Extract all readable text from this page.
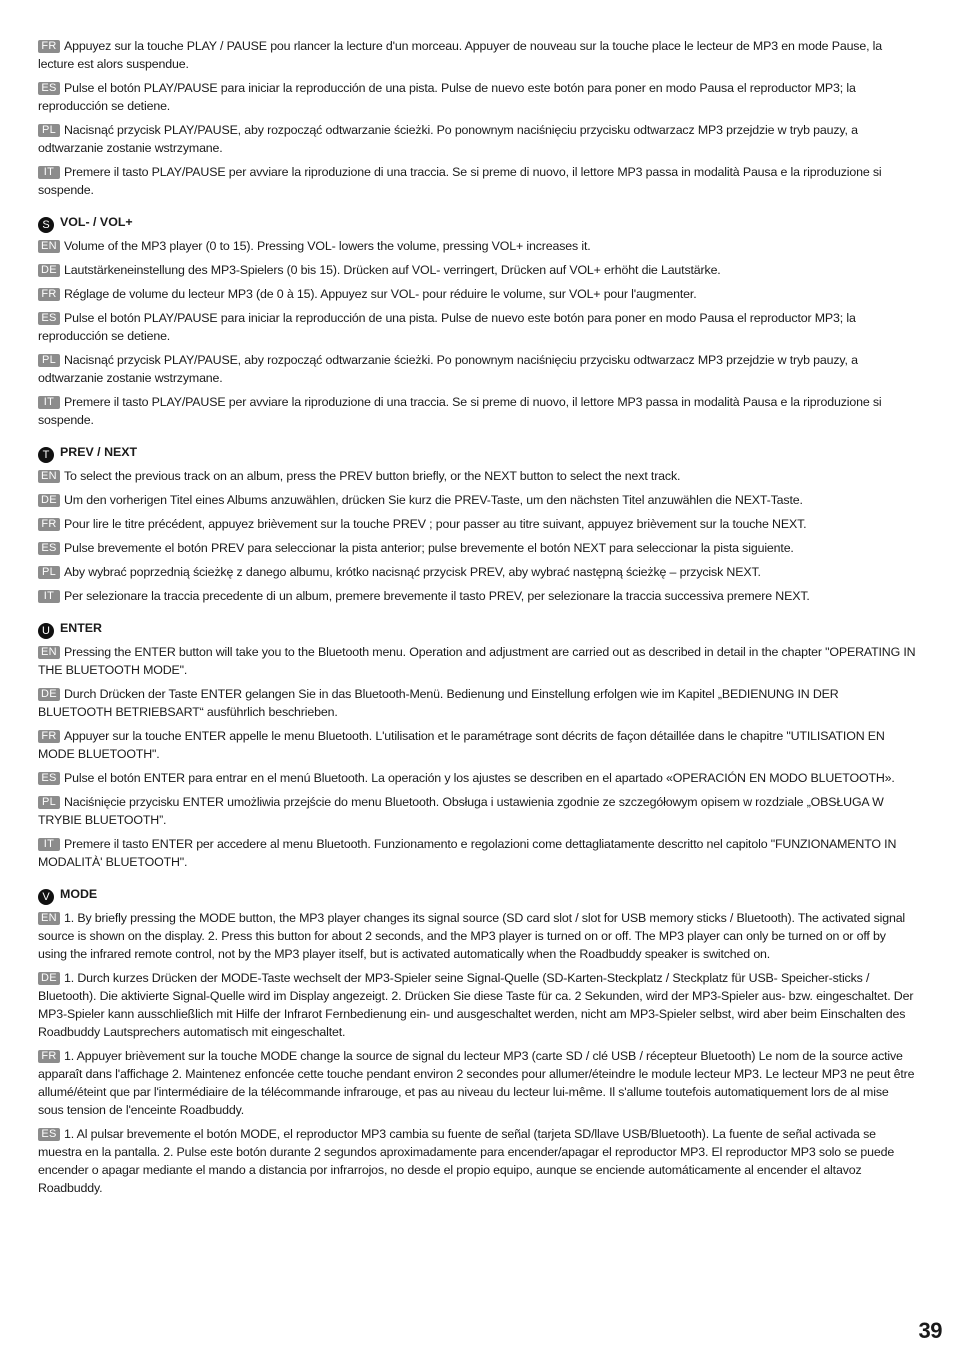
FR Appuyez sur la touche PLAY / PAUSE pou rlancer la lecture d'un morceau. Appuyer de nouveau sur la touche place le lecteur de MP3 en mode Pause, la lecture est alors suspendue.

ES Pulse el botón PLAY/PAUSE para iniciar la reproducción de una pista. Pulse de nuevo este botón para poner en modo Pausa el reproductor MP3; la reproducción se detiene.

PL Nacisnąć przycisk PLAY/PAUSE, aby rozpocząć odtwarzanie ścieżki. Po ponownym naciśnięciu przycisku odtwarzacz MP3 przejdzie w tryb pauzy, a odtwarzanie zostanie wstrzymane.

IT Premere il tasto PLAY/PAUSE per avviare la riproduzione di una traccia. Se si preme di nuovo, il lettore MP3 passa in modalità Pausa e la riproduzione si sospende.

S VOL- / VOL+

EN Volume of the MP3 player (0 to 15). Pressing VOL- lowers the volume, pressing VOL+ increases it.

DE Lautstärkeneinstellung des MP3-Spielers (0 bis 15). Drücken auf VOL- verringert, Drücken auf VOL+ erhöht die Lautstärke.

FR Réglage de volume du lecteur MP3 (de 0 à 15). Appuyez sur VOL- pour réduire le volume, sur VOL+ pour l'augmenter.

ES Pulse el botón PLAY/PAUSE para iniciar la reproducción de una pista. Pulse de nuevo este botón para poner en modo Pausa el reproductor MP3; la reproducción se detiene.

PL Nacisnąć przycisk PLAY/PAUSE, aby rozpocząć odtwarzanie ścieżki. Po ponownym naciśnięciu przycisku odtwarzacz MP3 przejdzie w tryb pauzy, a odtwarzanie zostanie wstrzymane.

IT Premere il tasto PLAY/PAUSE per avviare la riproduzione di una traccia. Se si preme di nuovo, il lettore MP3 passa in modalità Pausa e la riproduzione si sospende.

T PREV / NEXT

EN To select the previous track on an album, press the PREV button briefly, or the NEXT button to select the next track.

DE Um den vorherigen Titel eines Albums anzuwählen, drücken Sie kurz die PREV-Taste, um den nächsten Titel anzuwählen die NEXT-Taste.

FR Pour lire le titre précédent, appuyez brièvement sur la touche PREV ; pour passer au titre suivant, appuyez brièvement sur la touche NEXT.

ES Pulse brevemente el botón PREV para seleccionar la pista anterior; pulse brevemente el botón NEXT para seleccionar la pista siguiente.

PL Aby wybrać poprzednią ścieżkę z danego albumu, krótko nacisnąć przycisk PREV, aby wybrać następną ścieżkę – przycisk NEXT.

IT Per selezionare la traccia precedente di un album, premere brevemente il tasto PREV, per selezionare la traccia successiva premere NEXT.

U ENTER

EN Pressing the ENTER button will take you to the Bluetooth menu. Operation and adjustment are carried out as described in detail in the chapter "OPERATING IN THE BLUETOOTH MODE".

DE Durch Drücken der Taste ENTER gelangen Sie in das Bluetooth-Menü. Bedienung und Einstellung erfolgen wie im Kapitel „BEDIENUNG IN DER BLUETOOTH BETRIEBSART“ ausführlich beschrieben.

FR Appuyer sur la touche ENTER appelle le menu Bluetooth. L'utilisation et le paramétrage sont décrits de façon détaillée dans le chapitre "UTILISATION EN MODE BLUETOOTH".

ES Pulse el botón ENTER para entrar en el menú Bluetooth. La operación y los ajustes se describen en el apartado «OPERACIÓN EN MODO BLUETOOTH».

PL Naciśnięcie przycisku ENTER umożliwia przejście do menu Bluetooth. Obsługa i ustawienia zgodnie ze szczegółowym opisem w rozdziale „OBSŁUGA W TRYBIE BLUETOOTH”.

IT Premere il tasto ENTER per accedere al menu Bluetooth. Funzionamento e regolazioni come dettagliatamente descritto nel capitolo "FUNZIONAMENTO IN MODALITÀ' BLUETOOTH".

V MODE

EN 1. By briefly pressing the MODE button, the MP3 player changes its signal source (SD card slot / slot for USB memory sticks / Bluetooth). The activated signal source is shown on the display. 2. Press this button for about 2 seconds, and the MP3 player is turned on or off. The MP3 player can only be turned on or off by using the infrared remote control, not by the MP3 player itself, but is activated automatically when the Roadbuddy speaker is switched on.

DE 1. Durch kurzes Drücken der MODE-Taste wechselt der MP3-Spieler seine Signal-Quelle (SD-Karten-Steckplatz / Steckplatz für USB- Speicher-sticks / Bluetooth). Die aktivierte Signal-Quelle wird im Display angezeigt. 2. Drücken Sie diese Taste für ca. 2 Sekunden, wird der MP3-Spieler aus- bzw. eingeschaltet. Der MP3-Spieler kann ausschließlich mit Hilfe der Infrarot Fernbedienung ein- und ausgeschaltet werden, nicht am MP3-Spieler selbst, wird aber beim Einschalten des Roadbuddy Lautsprechers automatisch mit eingeschaltet.

FR 1. Appuyer brièvement sur la touche MODE change la source de signal du lecteur MP3 (carte SD / clé USB / récepteur Bluetooth) Le nom de la source active apparaît dans l'affichage 2. Maintenez enfoncée cette touche pendant environ 2 secondes pour allumer/éteindre le module lecteur MP3. Le lecteur MP3 ne peut être allumé/éteint que par l'intermédiaire de la télécommande infrarouge, et pas au niveau du lecteur lui-même. Il s'allume toutefois automatiquement lors de al mise sous tension de l'enceinte Roadbuddy.

ES 1. Al pulsar brevemente el botón MODE, el reproductor MP3 cambia su fuente de señal (tarjeta SD/llave USB/Bluetooth). La fuente de señal activada se muestra en la pantalla. 2. Pulse este botón durante 2 segundos aproximadamente para encender/apagar el reproductor MP3. El reproductor MP3 solo se puede encender o apagar mediante el mando a distancia por infrarrojos, no desde el propio equipo, aunque se enciende automáticamente al encender el altavoz Roadbuddy.

39
